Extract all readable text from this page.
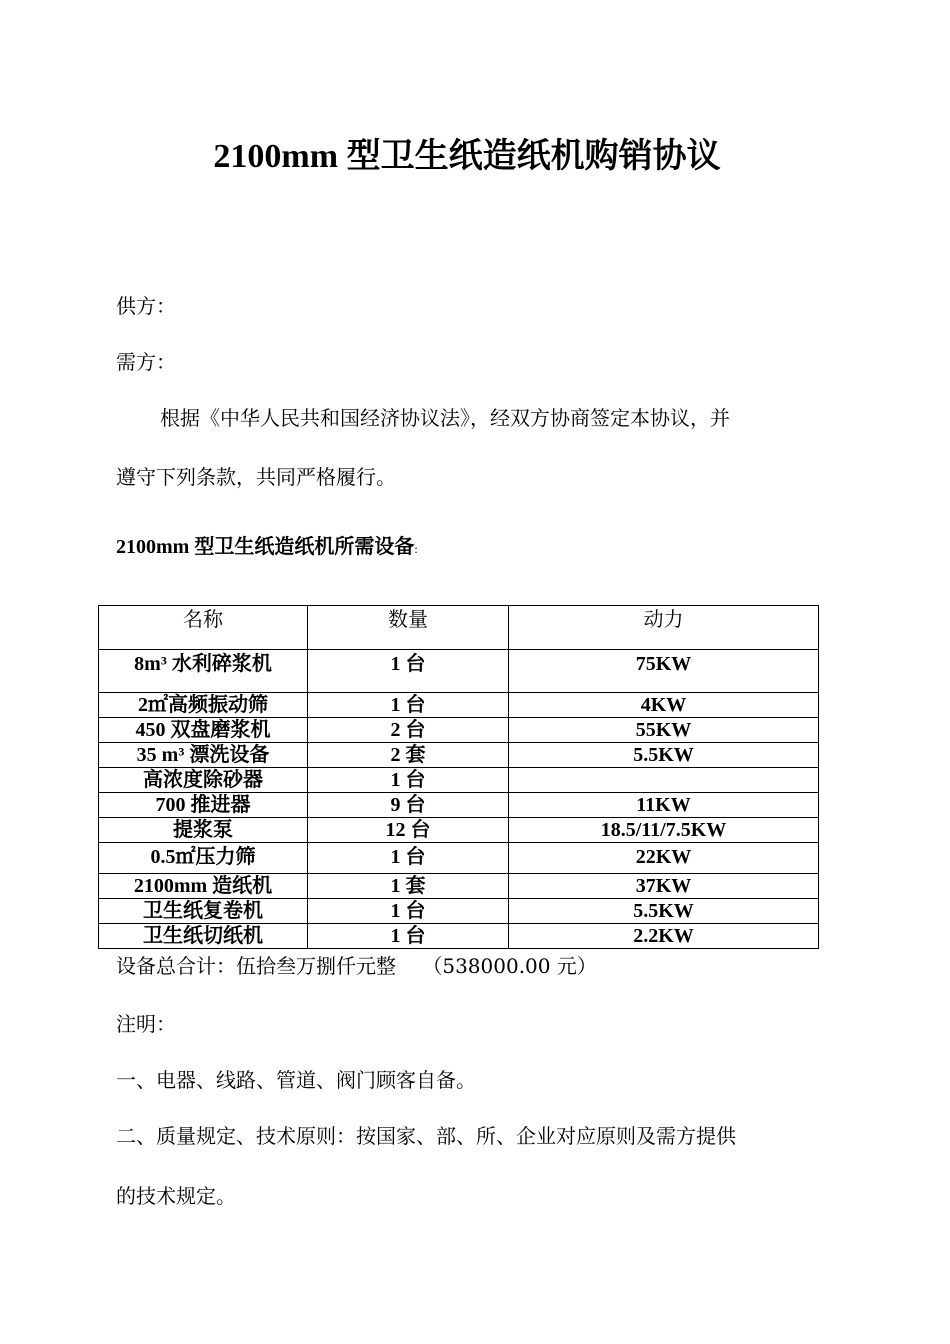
2100mm 型卫生纸造纸机购销协议
供方：
需方：
根据《中华人民共和国经济协议法》，经双方协商签定本协议，并
遵守下列条款，共同严格履行。
2100mm 型卫生纸造纸机所需设备:
名称	数量	动力
8m³ 水利碎浆机	1 台	75KW
2㎡高频振动筛	1 台	4KW
450 双盘磨浆机	2 台	55KW
35 m³ 漂洗设备	2 套	5.5KW
高浓度除砂器	1 台	
700 推进器	9 台	11KW
提浆泵	12 台	18.5/11/7.5KW
0.5㎡压力筛	1 台	22KW
2100mm 造纸机	1 套	37KW
卫生纸复卷机	1 台	5.5KW
卫生纸切纸机	1 台	2.2KW
设备总合计：伍拾叁万捌仟元整　 （538000.00 元）
注明：
一、电器、线路、管道、阀门顾客自备。
二、质量规定、技术原则：按国家、部、所、企业对应原则及需方提供
的技术规定。
